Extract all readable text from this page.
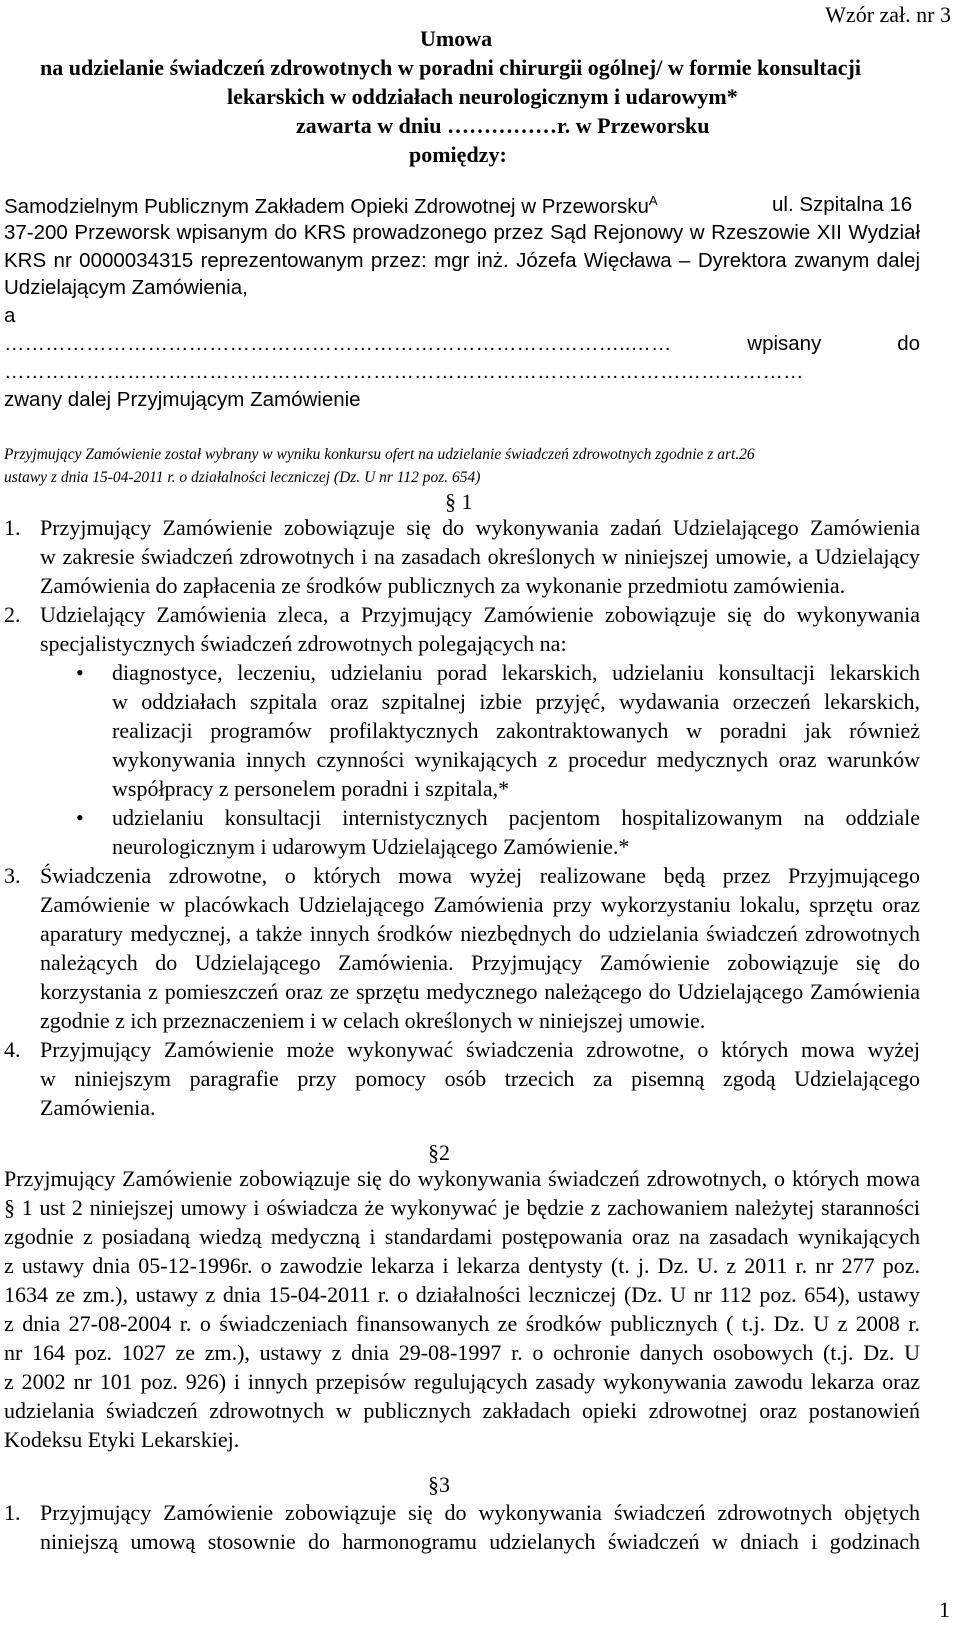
Wzór zał. nr 3
Umowa
na udzielanie świadczeń zdrowotnych w poradni chirurgii ogólnej/ w formie konsultacji
lekarskich w oddziałach neurologicznym i udarowym*
zawarta w dniu ……………r. w Przeworsku
pomiędzy:
Samodzielnym Publicznym Zakładem Opieki Zdrowotnej w Przeworsku$^A$	ul. Szpitalna 16
37-200 Przeworsk wpisanym do KRS prowadzonego przez Sąd Rejonowy w Rzeszowie XII Wydział
KRS nr 0000034315 reprezentowanym przez: mgr inż. Józefa Więcława – Dyrektora zwanym dalej
Udzielającym Zamówienia,
a
………………………………………………………………………………..…… wpisany do
………………………………………………………………………………………………………
zwany dalej Przyjmującym Zamówienie
Przyjmujący Zamówienie został wybrany w wyniku konkursu ofert na udzielanie świadczeń zdrowotnych zgodnie z art.26
ustawy z dnia 15-04-2011 r. o działalności leczniczej (Dz. U nr 112 poz. 654)
§ 1
1. Przyjmujący Zamówienie zobowiązuje się do wykonywania zadań Udzielającego Zamówienia
w zakresie świadczeń zdrowotnych i na zasadach określonych w niniejszej umowie, a Udzielający
Zamówienia do zapłacenia ze środków publicznych za wykonanie przedmiotu zamówienia.
2. Udzielający Zamówienia zleca, a Przyjmujący Zamówienie zobowiązuje się do wykonywania
specjalistycznych świadczeń zdrowotnych polegających na:
• diagnostyce, leczeniu, udzielaniu porad lekarskich, udzielaniu konsultacji lekarskich
w oddziałach szpitala oraz szpitalnej izbie przyjęć, wydawania orzeczeń lekarskich,
realizacji programów profilaktycznych zakontraktowanych w poradni jak również
wykonywania innych czynności wynikających z procedur medycznych oraz warunków
współpracy z personelem poradni i szpitala,*
• udzielaniu konsultacji internistycznych pacjentom hospitalizowanym na oddziale
neurologicznym i udarowym Udzielającego Zamówienie.*
3. Świadczenia zdrowotne, o których mowa wyżej realizowane będą przez Przyjmującego
Zamówienie w placówkach Udzielającego Zamówienia przy wykorzystaniu lokalu, sprzętu oraz
aparatury medycznej, a także innych środków niezbędnych do udzielania świadczeń zdrowotnych
należących do Udzielającego Zamówienia. Przyjmujący Zamówienie zobowiązuje się do
korzystania z pomieszczeń oraz ze sprzętu medycznego należącego do Udzielającego Zamówienia
zgodnie z ich przeznaczeniem i w celach określonych w niniejszej umowie.
4. Przyjmujący Zamówienie może wykonywać świadczenia zdrowotne, o których mowa wyżej
w niniejszym paragrafie przy pomocy osób trzecich za pisemną zgodą Udzielającego
Zamówienia.
§2
Przyjmujący Zamówienie zobowiązuje się do wykonywania świadczeń zdrowotnych, o których mowa
§ 1 ust 2 niniejszej umowy i oświadcza że wykonywać je będzie z zachowaniem należytej staranności
zgodnie z posiadaną wiedzą medyczną i standardami postępowania oraz na zasadach wynikających
z ustawy dnia 05-12-1996r. o zawodzie lekarza i lekarza dentysty (t. j. Dz. U. z 2011 r. nr 277 poz.
1634 ze zm.), ustawy z dnia 15-04-2011 r. o działalności leczniczej (Dz. U nr 112 poz. 654), ustawy
z dnia 27-08-2004 r. o świadczeniach finansowanych ze środków publicznych ( t.j. Dz. U z 2008 r.
nr 164 poz. 1027 ze zm.), ustawy z dnia 29-08-1997 r. o ochronie danych osobowych (t.j. Dz. U
z 2002 nr 101 poz. 926) i innych przepisów regulujących zasady wykonywania zawodu lekarza oraz
udzielania świadczeń zdrowotnych w publicznych zakładach opieki zdrowotnej oraz postanowień
Kodeksu Etyki Lekarskiej.
§3
1. Przyjmujący Zamówienie zobowiązuje się do wykonywania świadczeń zdrowotnych objętych
niniejszą umową stosownie do harmonogramu udzielanych świadczeń w dniach i godzinach
1
